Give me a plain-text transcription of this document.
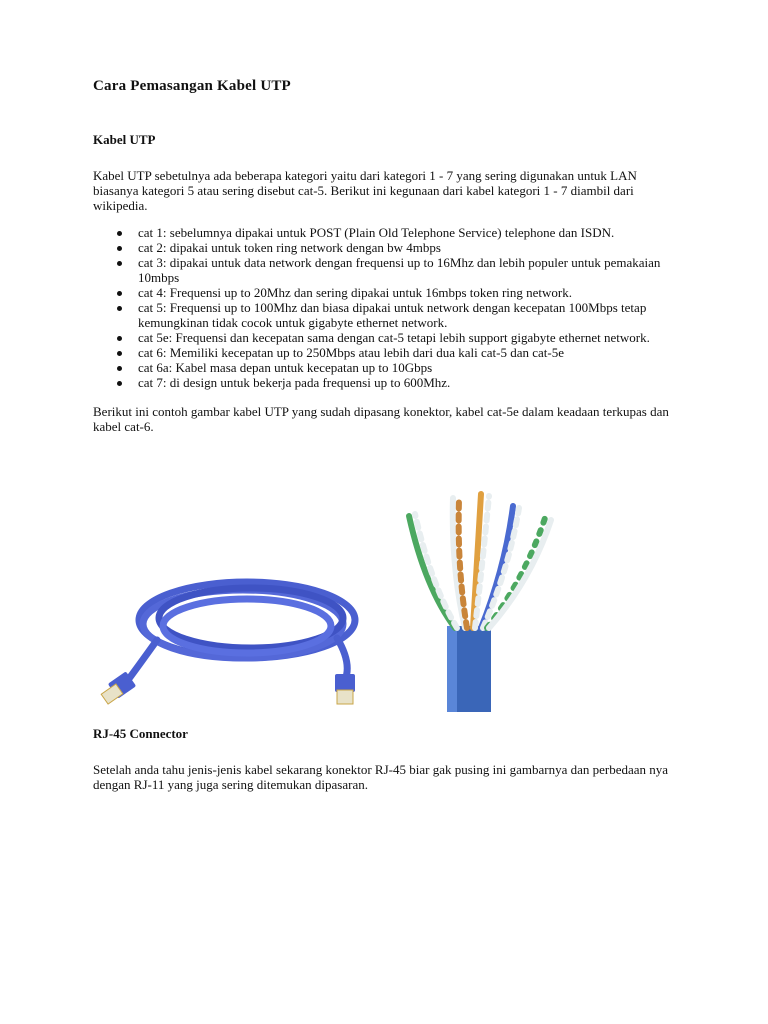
Cara Pemasangan Kabel UTP
Kabel UTP

Kabel UTP sebetulnya ada beberapa kategori yaitu dari kategori 1 - 7 yang sering digunakan untuk LAN biasanya kategori 5 atau sering disebut cat-5. Berikut ini kegunaan dari kabel kategori 1 - 7 diambil dari wikipedia.

cat 1: sebelumnya dipakai untuk POST (Plain Old Telephone Service) telephone dan ISDN.
cat 2: dipakai untuk token ring network dengan bw 4mbps
cat 3: dipakai untuk data network dengan frequensi up to 16Mhz dan lebih populer untuk pemakaian 10mbps
cat 4: Frequensi up to 20Mhz dan sering dipakai untuk 16mbps token ring network.
cat 5: Frequensi up to 100Mhz dan biasa dipakai untuk network dengan kecepatan 100Mbps tetap kemungkinan tidak cocok untuk gigabyte ethernet network.
cat 5e: Frequensi dan kecepatan sama dengan cat-5 tetapi lebih support gigabyte ethernet network.
cat 6: Memiliki kecepatan up to 250Mbps atau lebih dari dua kali cat-5 dan cat-5e
cat 6a: Kabel masa depan untuk kecepatan up to 10Gbps
cat 7: di design untuk bekerja pada frequensi up to 600Mhz.

Berikut ini contoh gambar kabel UTP yang sudah dipasang konektor, kabel cat-5e dalam keadaan terkupas dan kabel cat-6.

RJ-45 Connector

Setelah anda tahu jenis-jenis kabel sekarang konektor RJ-45 biar gak pusing ini gambarnya dan perbedaan nya dengan RJ-11 yang juga sering ditemukan dipasaran.
